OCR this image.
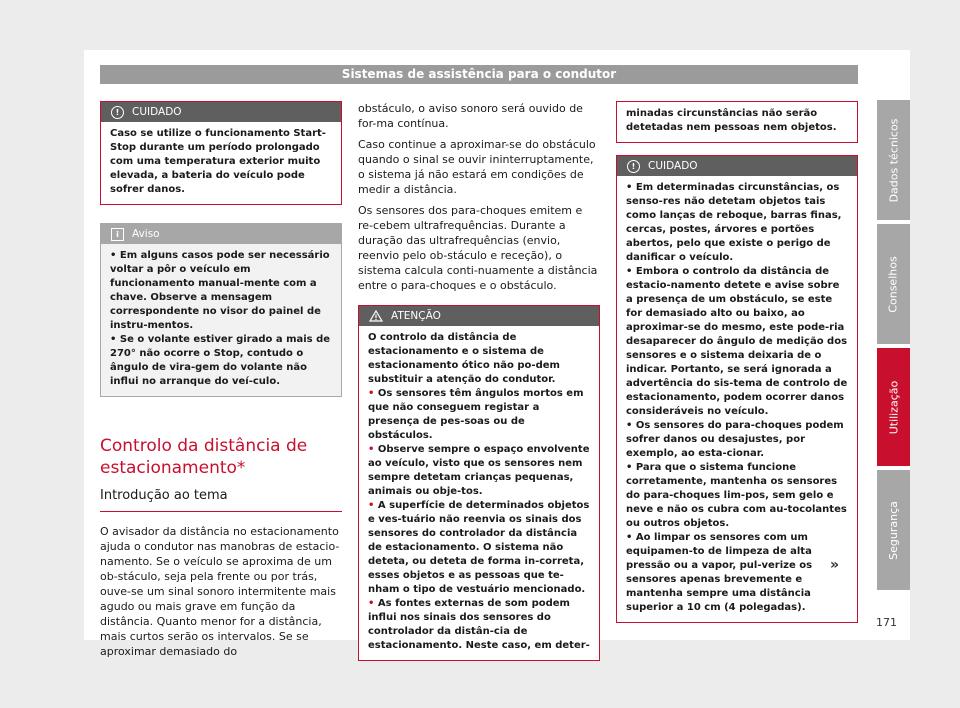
Sistemas de assistência para o condutor
!	CUIDADO
Caso se utilize o funcionamento Start-Stop durante um período prolongado com uma temperatura exterior muito elevada, a bateria do veículo pode sofrer danos.
i	Aviso
• Em alguns casos pode ser necessário voltar a pôr o veículo em funcionamento manual-mente com a chave. Observe a mensagem correspondente no visor do painel de instru-mentos.
• Se o volante estiver girado a mais de 270° não ocorre o Stop, contudo o ângulo de vira-gem do volante não influi no arranque do veí-culo.
Controlo da distância de estacionamento*
Introdução ao tema

O avisador da distância no estacionamento ajuda o condutor nas manobras de estacio-namento. Se o veículo se aproxima de um ob-stáculo, seja pela frente ou por trás, ouve-se um sinal sonoro intermitente mais agudo ou mais grave em função da distância. Quanto menor for a distância, mais curtos serão os intervalos. Se se aproximar demasiado do

obstáculo, o aviso sonoro será ouvido de for-ma contínua.

Caso continue a aproximar-se do obstáculo quando o sinal se ouvir ininterruptamente, o sistema já não estará em condições de medir a distância.

Os sensores dos para-choques emitem e re-cebem ultrafrequências. Durante a duração das ultrafrequências (envio, reenvio pelo ob-stáculo e receção), o sistema calcula conti-nuamente a distância entre o para-choques e o obstáculo.

ATENÇÃO
O controlo da distância de estacionamento e o sistema de estacionamento ótico não po-dem substituir a atenção do condutor.
• Os sensores têm ângulos mortos em que não conseguem registar a presença de pes-soas ou de obstáculos.
• Observe sempre o espaço envolvente ao veículo, visto que os sensores nem sempre detetam crianças pequenas, animais ou obje-tos.
• A superfície de determinados objetos e ves-tuário não reenvia os sinais dos sensores do controlador da distância de estacionamento. O sistema não deteta, ou deteta de forma in-correta, esses objetos e as pessoas que te-nham o tipo de vestuário mencionado.
• As fontes externas de som podem influi nos sinais dos sensores do controlador da distân-cia de estacionamento. Neste caso, em deter-
minadas circunstâncias não serão detetadas nem pessoas nem objetos.
!	CUIDADO
• Em determinadas circunstâncias, os senso-res não detetam objetos tais como lanças de reboque, barras finas, cercas, postes, árvores e portões abertos, pelo que existe o perigo de danificar o veículo.
• Embora o controlo da distância de estacio-namento detete e avise sobre a presença de um obstáculo, se este for demasiado alto ou baixo, ao aproximar-se do mesmo, este pode-ria desaparecer do ângulo de medição dos sensores e o sistema deixaria de o indicar. Portanto, se será ignorada a advertência do sis-tema de controlo de estacionamento, podem ocorrer danos consideráveis no veículo.
• Os sensores do para-choques podem sofrer danos ou desajustes, por exemplo, ao esta-cionar.
• Para que o sistema funcione corretamente, mantenha os sensores do para-choques lim-pos, sem gelo e neve e não os cubra com au-tocolantes ou outros objetos.
• Ao limpar os sensores com um equipamen-to de limpeza de alta pressão ou a vapor, pul-verize os sensores apenas brevemente e mantenha sempre uma distância superior a 10 cm (4 polegadas).
»
Dados técnicos
Conselhos
Utilização
Segurança
171
